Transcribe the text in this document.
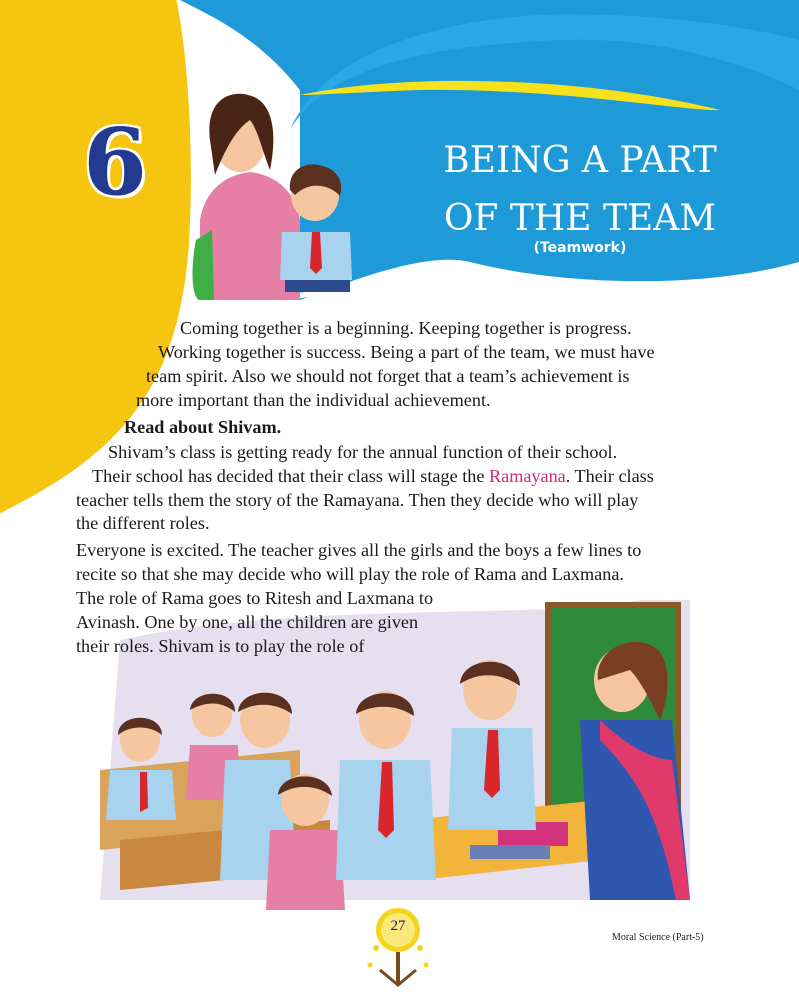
6	BEING A PART
OF THE TEAM
(Teamwork)
Coming together is a beginning. Keeping together is progress.
Working together is success. Being a part of the team, we must have
team spirit. Also we should not forget that a team’s achievement is
more important than the individual achievement.
Read about Shivam.
Shivam’s class is getting ready for the annual function of their school.
Their school has decided that their class will stage the Ramayana. Their class
teacher tells them the story of the Ramayana. Then they decide who will play
the different roles.
Everyone is excited. The teacher gives all the girls and the boys a few lines to
recite so that she may decide who will play the role of Rama and Laxmana.
The role of Rama goes to Ritesh and Laxmana to
Avinash. One by one, all the children are given
their roles. Shivam is to play the role of
27
Moral Science (Part-5)
